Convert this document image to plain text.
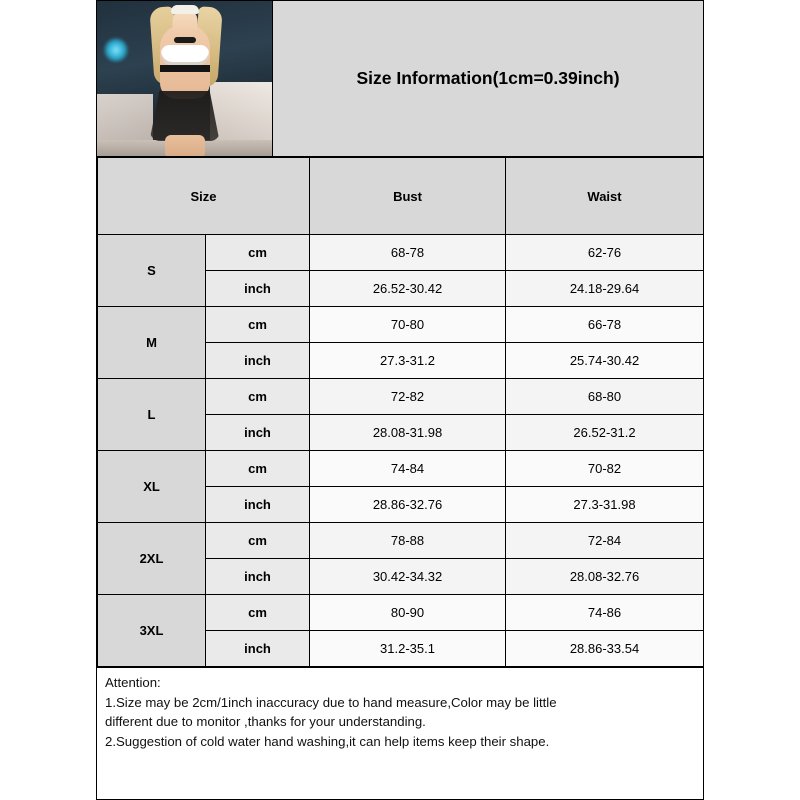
Size Information(1cm=0.39inch)
Size		Bust	Waist
S	cm	68-78	62-76
	inch	26.52-30.42	24.18-29.64
M	cm	70-80	66-78
	inch	27.3-31.2	25.74-30.42
L	cm	72-82	68-80
	inch	28.08-31.98	26.52-31.2
XL	cm	74-84	70-82
	inch	28.86-32.76	27.3-31.98
2XL	cm	78-88	72-84
	inch	30.42-34.32	28.08-32.76
3XL	cm	80-90	74-86
	inch	31.2-35.1	28.86-33.54

Attention:

1.Size may be 2cm/1inch inaccuracy due to hand measure,Color may be little

different due to monitor ,thanks for your understanding.

2.Suggestion of cold water hand washing,it can help items keep their shape.
